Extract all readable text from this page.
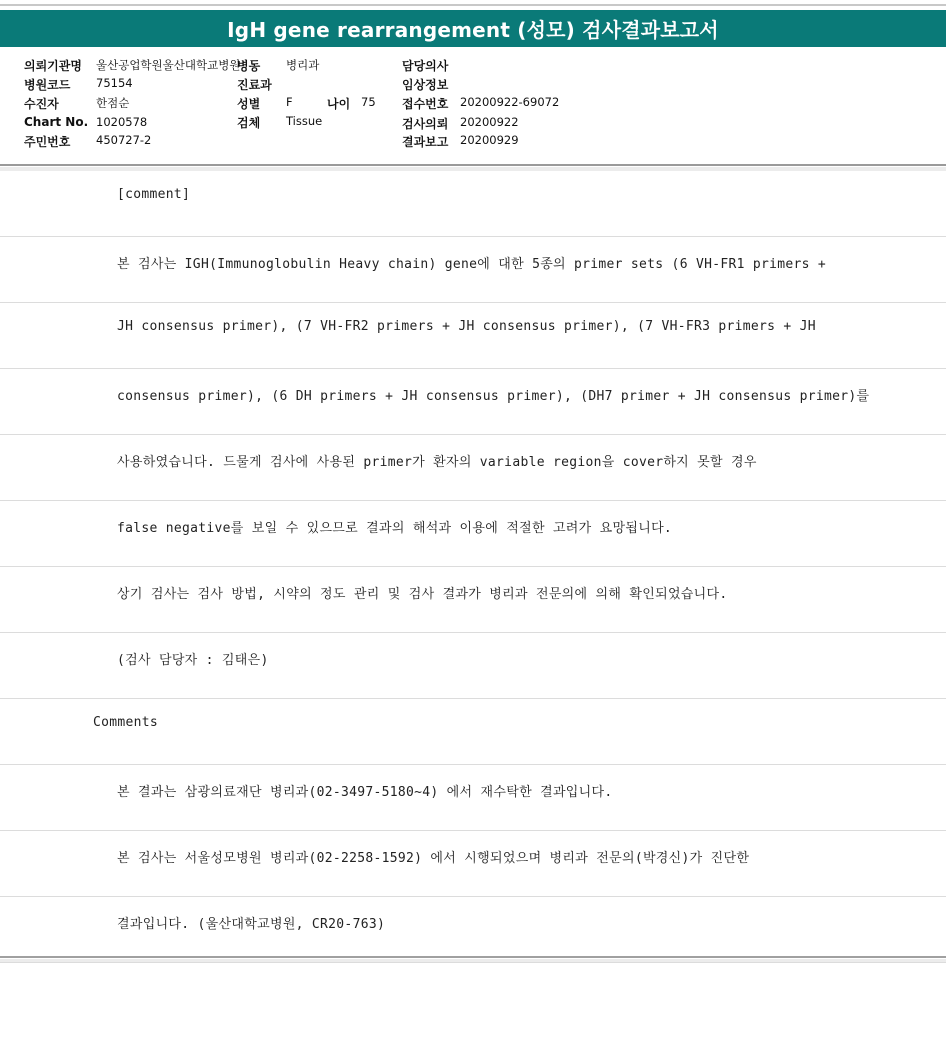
IgH gene rearrangement (성모) 검사결과보고서
의뢰기관명 울산공업학원울산대학교병원
병동 병리과	담당의사
병원코드 75154	진료과	임상정보
수진자	한점순	성별 F	나이 75 접수번호 20200922-69072
Chart No. 1020578	검체 Tissue	검사의뢰 20200922
주민번호 450727-2	결과보고 20200929
[comment]
본 검사는 IGH(Immunoglobulin Heavy chain) gene에 대한 5종의 primer sets (6 VH-FR1 primers +
JH consensus primer), (7 VH-FR2 primers + JH consensus primer), (7 VH-FR3 primers + JH
consensus primer), (6 DH primers + JH consensus primer), (DH7 primer + JH consensus primer)를
사용하였습니다. 드물게 검사에 사용된 primer가 환자의 variable region을 cover하지 못할 경우
false negative를 보일 수 있으므로 결과의 해석과 이용에 적절한 고려가 요망됩니다.
상기 검사는 검사 방법, 시약의 정도 관리 및 검사 결과가 병리과 전문의에 의해 확인되었습니다.
(검사 담당자 : 김태은)
Comments
본 결과는 삼광의료재단 병리과(02-3497-5180~4) 에서 재수탁한 결과입니다.
본 검사는 서울성모병원 병리과(02-2258-1592) 에서 시행되었으며 병리과 전문의(박경신)가 진단한
결과입니다. (울산대학교병원, CR20-763)
